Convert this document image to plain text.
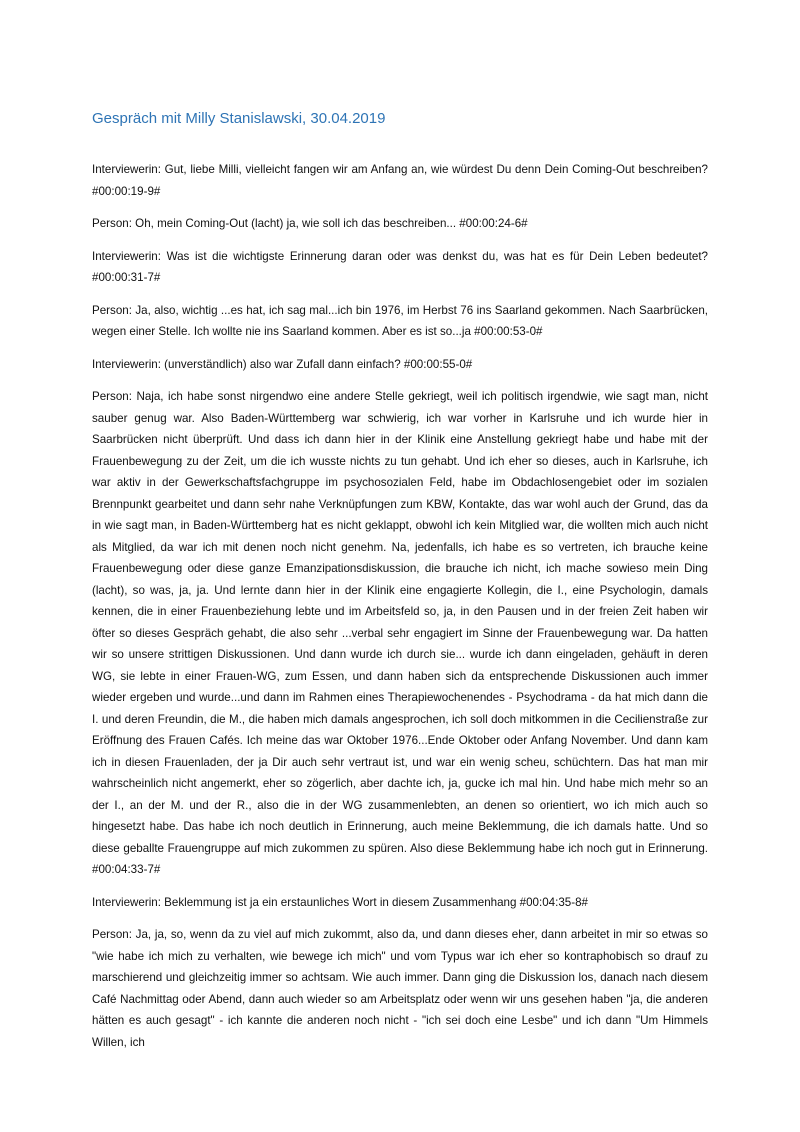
Gespräch mit Milly Stanislawski, 30.04.2019

Interviewerin: Gut, liebe Milli, vielleicht fangen wir am Anfang an, wie würdest Du denn Dein Coming-Out beschreiben? #00:00:19-9#

Person: Oh, mein Coming-Out (lacht) ja, wie soll ich das beschreiben... #00:00:24-6#

Interviewerin: Was ist die wichtigste Erinnerung daran oder was denkst du, was hat es für Dein Leben bedeutet? #00:00:31-7#

Person: Ja, also, wichtig ...es hat, ich sag mal...ich bin 1976, im Herbst 76 ins Saarland gekommen. Nach Saarbrücken, wegen einer Stelle. Ich wollte nie ins Saarland kommen. Aber es ist so...ja #00:00:53-0#

Interviewerin: (unverständlich) also war Zufall dann einfach? #00:00:55-0#

Person: Naja, ich habe sonst nirgendwo eine andere Stelle gekriegt, weil ich politisch irgendwie, wie sagt man, nicht sauber genug war. Also Baden-Württemberg war schwierig, ich war vorher in Karlsruhe und ich wurde hier in Saarbrücken nicht überprüft. Und dass ich dann hier in der Klinik eine Anstellung gekriegt habe und habe mit der Frauenbewegung zu der Zeit, um die ich wusste nichts zu tun gehabt. Und ich eher so dieses, auch in Karlsruhe, ich war aktiv in der Gewerkschaftsfachgruppe im psychosozialen Feld, habe im Obdachlosengebiet oder im sozialen Brennpunkt gearbeitet und dann sehr nahe Verknüpfungen zum KBW, Kontakte, das war wohl auch der Grund, das da in wie sagt man, in Baden-Württemberg hat es nicht geklappt, obwohl ich kein Mitglied war, die wollten mich auch nicht als Mitglied, da war ich mit denen noch nicht genehm. Na, jedenfalls, ich habe es so vertreten, ich brauche keine Frauenbewegung oder diese ganze Emanzipationsdiskussion, die brauche ich nicht, ich mache sowieso mein Ding (lacht), so was, ja, ja. Und lernte dann hier in der Klinik eine engagierte Kollegin, die I., eine Psychologin, damals kennen, die in einer Frauenbeziehung lebte und im Arbeitsfeld so, ja, in den Pausen und in der freien Zeit haben wir öfter so dieses Gespräch gehabt, die also sehr ...verbal sehr engagiert im Sinne der Frauenbewegung war. Da hatten wir so unsere strittigen Diskussionen. Und dann wurde ich durch sie... wurde ich dann eingeladen, gehäuft in deren WG, sie lebte in einer Frauen-WG, zum Essen, und dann haben sich da entsprechende Diskussionen auch immer wieder ergeben und wurde...und dann im Rahmen eines Therapiewochenendes - Psychodrama - da hat mich dann die I. und deren Freundin, die M., die haben mich damals angesprochen, ich soll doch mitkommen in die Cecilienstraße zur Eröffnung des Frauen Cafés. Ich meine das war Oktober 1976...Ende Oktober oder Anfang November. Und dann kam ich in diesen Frauenladen, der ja Dir auch sehr vertraut ist, und war ein wenig scheu, schüchtern. Das hat man mir wahrscheinlich nicht angemerkt, eher so zögerlich, aber dachte ich, ja, gucke ich mal hin. Und habe mich mehr so an der I., an der M. und der R., also die in der WG zusammenlebten, an denen so orientiert, wo ich mich auch so hingesetzt habe. Das habe ich noch deutlich in Erinnerung, auch meine Beklemmung, die ich damals hatte. Und so diese geballte Frauengruppe auf mich zukommen zu spüren. Also diese Beklemmung habe ich noch gut in Erinnerung. #00:04:33-7#

Interviewerin: Beklemmung ist ja ein erstaunliches Wort in diesem Zusammenhang #00:04:35-8#

Person: Ja, ja, so, wenn da zu viel auf mich zukommt, also da, und dann dieses eher, dann arbeitet in mir so etwas so "wie habe ich mich zu verhalten, wie bewege ich mich" und vom Typus war ich eher so kontraphobisch so drauf zu marschierend und gleichzeitig immer so achtsam. Wie auch immer. Dann ging die Diskussion los, danach nach diesem Café Nachmittag oder Abend, dann auch wieder so am Arbeitsplatz oder wenn wir uns gesehen haben "ja, die anderen hätten es auch gesagt" - ich kannte die anderen noch nicht - "ich sei doch eine Lesbe" und ich dann "Um Himmels Willen, ich
